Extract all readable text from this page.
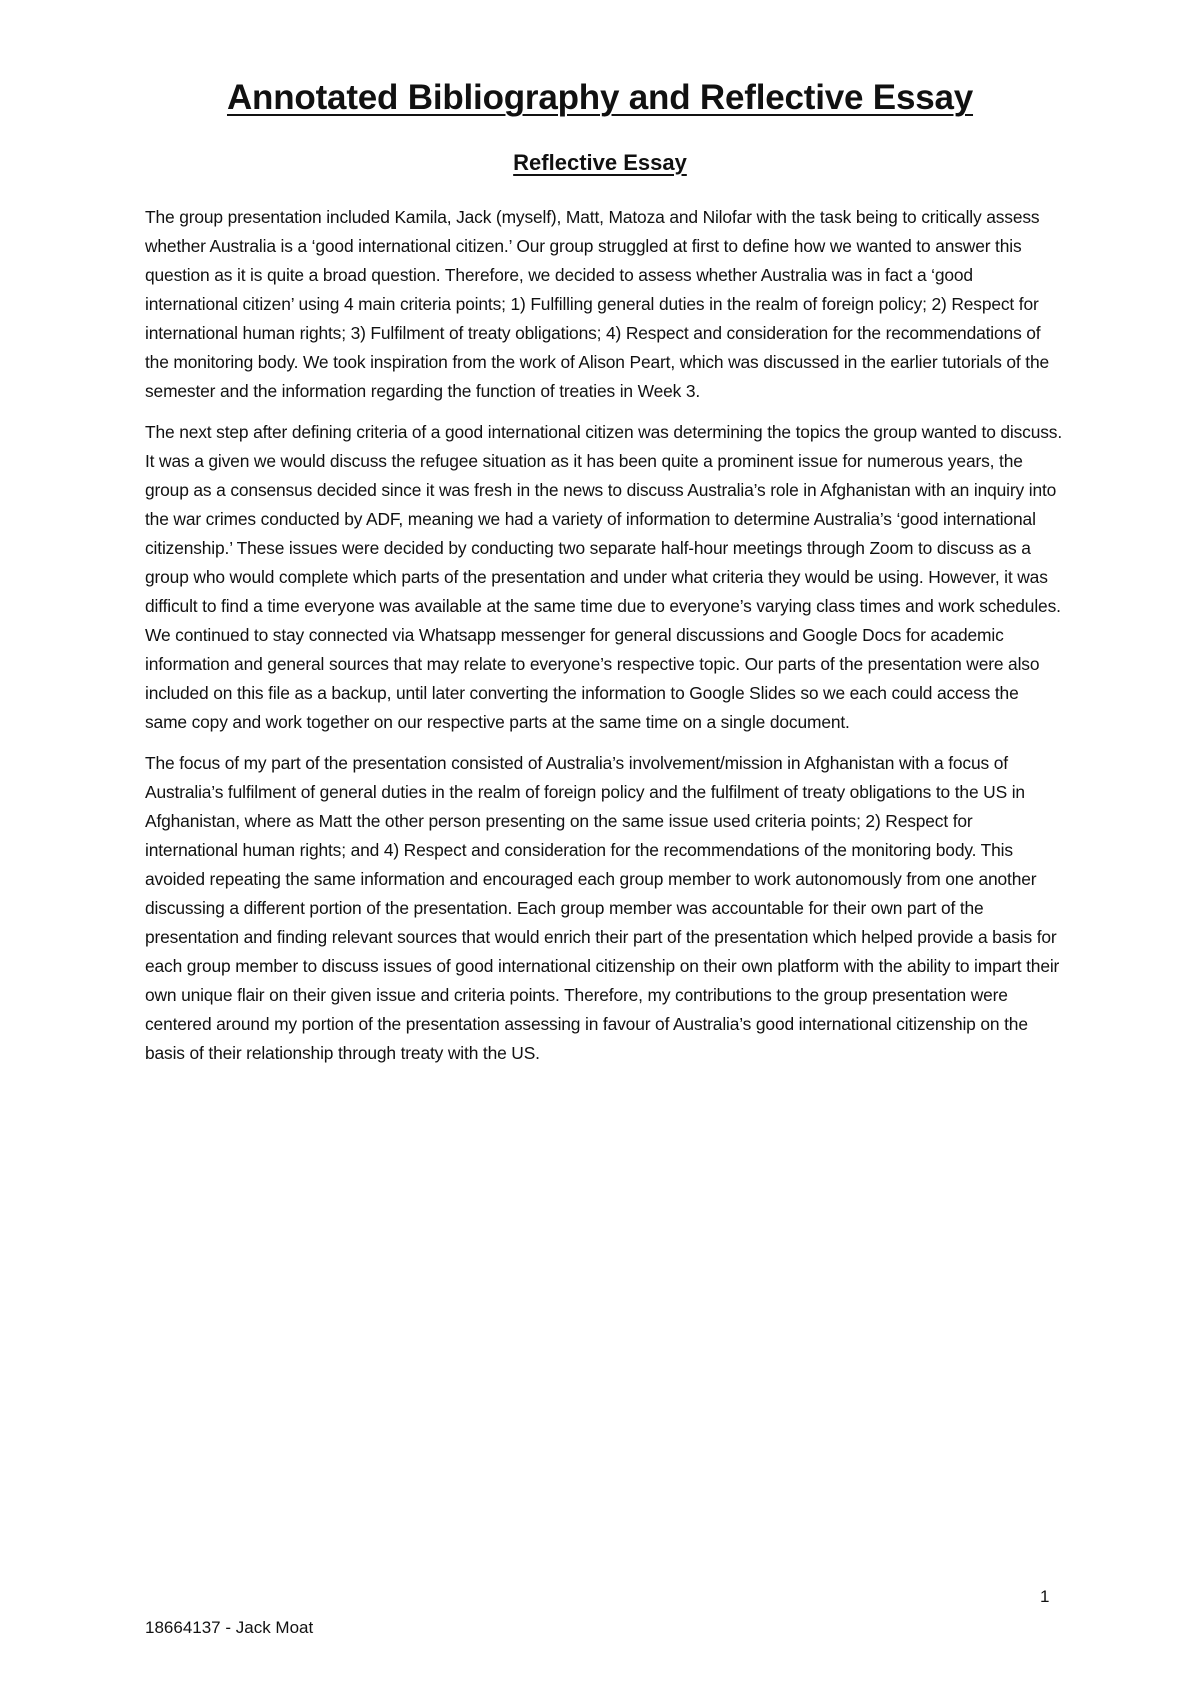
Annotated Bibliography and Reflective Essay
Reflective Essay

The group presentation included Kamila, Jack (myself), Matt, Matoza and Nilofar with the task being to critically assess whether Australia is a ‘good international citizen.’ Our group struggled at first to define how we wanted to answer this question as it is quite a broad question. Therefore, we decided to assess whether Australia was in fact a ‘good international citizen’ using 4 main criteria points; 1) Fulfilling general duties in the realm of foreign policy; 2) Respect for international human rights; 3) Fulfilment of treaty obligations; 4) Respect and consideration for the recommendations of the monitoring body. We took inspiration from the work of Alison Peart, which was discussed in the earlier tutorials of the semester and the information regarding the function of treaties in Week 3.

The next step after defining criteria of a good international citizen was determining the topics the group wanted to discuss. It was a given we would discuss the refugee situation as it has been quite a prominent issue for numerous years, the group as a consensus decided since it was fresh in the news to discuss Australia’s role in Afghanistan with an inquiry into the war crimes conducted by ADF, meaning we had a variety of information to determine Australia’s ‘good international citizenship.’ These issues were decided by conducting two separate half-hour meetings through Zoom to discuss as a group who would complete which parts of the presentation and under what criteria they would be using. However, it was difficult to find a time everyone was available at the same time due to everyone’s varying class times and work schedules. We continued to stay connected via Whatsapp messenger for general discussions and Google Docs for academic information and general sources that may relate to everyone’s respective topic. Our parts of the presentation were also included on this file as a backup, until later converting the information to Google Slides so we each could access the same copy and work together on our respective parts at the same time on a single document.

The focus of my part of the presentation consisted of Australia’s involvement/mission in Afghanistan with a focus of Australia’s fulfilment of general duties in the realm of foreign policy and the fulfilment of treaty obligations to the US in Afghanistan, where as Matt the other person presenting on the same issue used criteria points; 2) Respect for international human rights; and 4) Respect and consideration for the recommendations of the monitoring body. This avoided repeating the same information and encouraged each group member to work autonomously from one another discussing a different portion of the presentation. Each group member was accountable for their own part of the presentation and finding relevant sources that would enrich their part of the presentation which helped provide a basis for each group member to discuss issues of good international citizenship on their own platform with the ability to impart their own unique flair on their given issue and criteria points. Therefore, my contributions to the group presentation were centered around my portion of the presentation assessing in favour of Australia’s good international citizenship on the basis of their relationship through treaty with the US.

1
18664137 - Jack Moat
